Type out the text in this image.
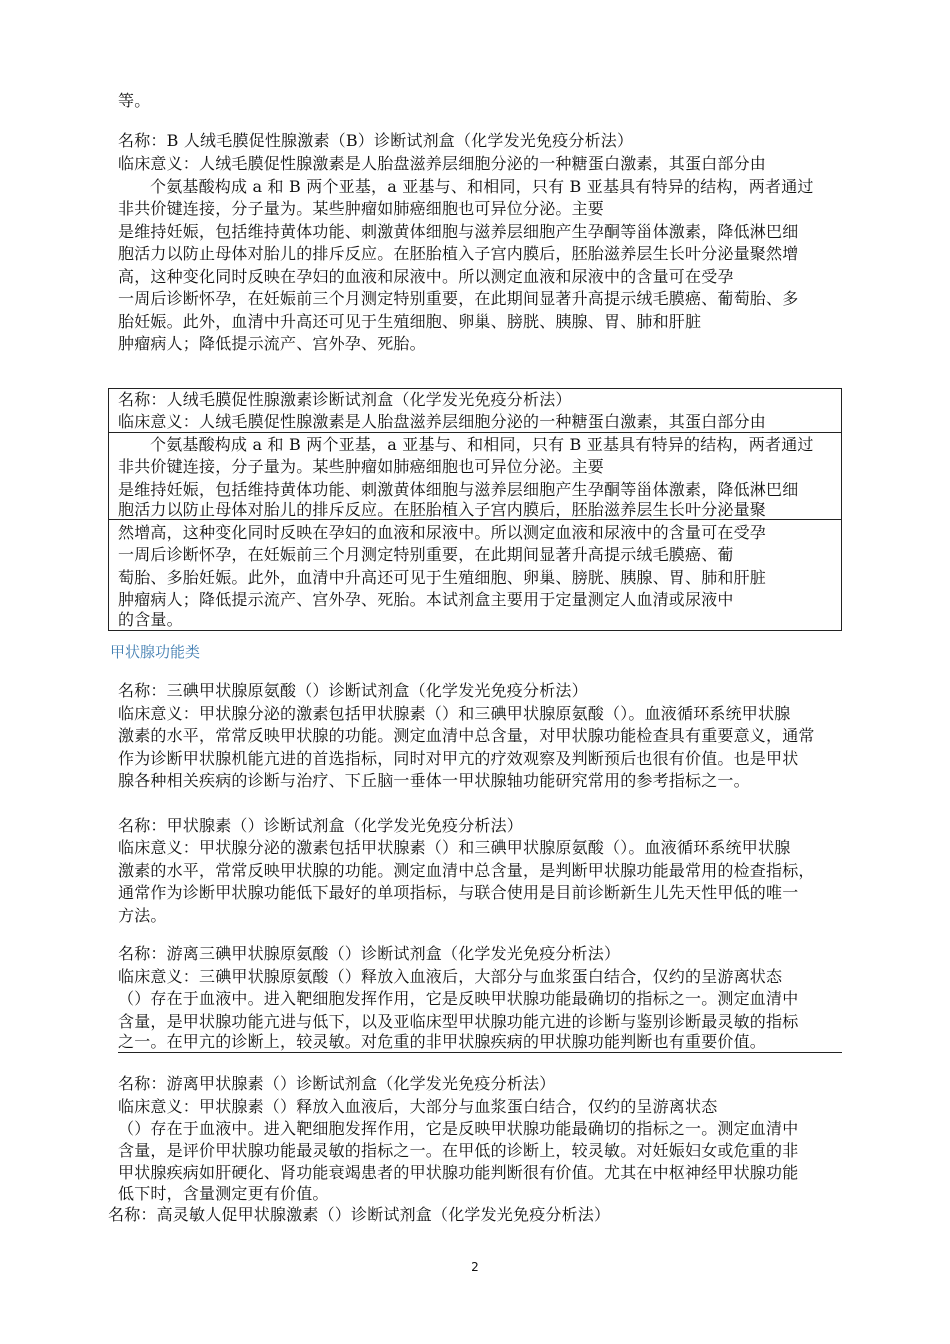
等。
名称：Β 人绒毛膜促性腺激素（Β）诊断试剂盒（化学发光免疫分析法）
临床意义：人绒毛膜促性腺激素是人胎盘滋养层细胞分泌的一种糖蛋白激素，其蛋白部分由
个氨基酸构成 a 和 Β 两个亚基，a 亚基与、和相同，只有 Β 亚基具有特异的结构，两者通过
非共价键连接，分子量为。某些肿瘤如肺癌细胞也可异位分泌。主要
是维持妊娠，包括维持黄体功能、刺激黄体细胞与滋养层细胞产生孕酮等甾体激素，降低淋巴细
胞活力以防止母体对胎儿的排斥反应。在胚胎植入子宫内膜后，胚胎滋养层生长叶分泌量聚然增
高，这种变化同时反映在孕妇的血液和尿液中。所以测定血液和尿液中的含量可在受孕
一周后诊断怀孕，在妊娠前三个月测定特别重要，在此期间显著升高提示绒毛膜癌、葡萄胎、多
胎妊娠。此外，血清中升高还可见于生殖细胞、卵巢、膀胱、胰腺、胃、肺和肝脏
肿瘤病人；降低提示流产、宫外孕、死胎。
名称：人绒毛膜促性腺激素诊断试剂盒（化学发光免疫分析法）
临床意义：人绒毛膜促性腺激素是人胎盘滋养层细胞分泌的一种糖蛋白激素，其蛋白部分由
个氨基酸构成 a 和 Β 两个亚基，a 亚基与、和相同，只有 Β 亚基具有特异的结构，两者通过
非共价键连接，分子量为。某些肿瘤如肺癌细胞也可异位分泌。主要
是维持妊娠，包括维持黄体功能、刺激黄体细胞与滋养层细胞产生孕酮等甾体激素，降低淋巴细
胞活力以防止母体对胎儿的排斥反应。在胚胎植入子宫内膜后，胚胎滋养层生长叶分泌量聚
然增高，这种变化同时反映在孕妇的血液和尿液中。所以测定血液和尿液中的含量可在受孕
一周后诊断怀孕，在妊娠前三个月测定特别重要，在此期间显著升高提示绒毛膜癌、葡
萄胎、多胎妊娠。此外，血清中升高还可见于生殖细胞、卵巢、膀胱、胰腺、胃、肺和肝脏
肿瘤病人；降低提示流产、宫外孕、死胎。本试剂盒主要用于定量测定人血清或尿液中
的含量。
甲状腺功能类
名称：三碘甲状腺原氨酸（）诊断试剂盒（化学发光免疫分析法）
临床意义：甲状腺分泌的激素包括甲状腺素（）和三碘甲状腺原氨酸（）。血液循环系统甲状腺
激素的水平，常常反映甲状腺的功能。测定血清中总含量，对甲状腺功能检查具有重要意义，通常
作为诊断甲状腺机能亢进的首选指标，同时对甲亢的疗效观察及判断预后也很有价值。也是甲状
腺各种相关疾病的诊断与治疗、下丘脑一垂体一甲状腺轴功能研究常用的参考指标之一。
名称：甲状腺素（）诊断试剂盒（化学发光免疫分析法）
临床意义：甲状腺分泌的激素包括甲状腺素（）和三碘甲状腺原氨酸（）。血液循环系统甲状腺
激素的水平，常常反映甲状腺的功能。测定血清中总含量，是判断甲状腺功能最常用的检查指标，
通常作为诊断甲状腺功能低下最好的单项指标，与联合使用是目前诊断新生儿先天性甲低的唯一
方法。
名称：游离三碘甲状腺原氨酸（）诊断试剂盒（化学发光免疫分析法）
临床意义：三碘甲状腺原氨酸（）释放入血液后，大部分与血浆蛋白结合，仅约的呈游离状态
（）存在于血液中。进入靶细胞发挥作用，它是反映甲状腺功能最确切的指标之一。测定血清中
含量，是甲状腺功能亢进与低下，以及亚临床型甲状腺功能亢进的诊断与鉴别诊断最灵敏的指标
之一。在甲亢的诊断上，较灵敏。对危重的非甲状腺疾病的甲状腺功能判断也有重要价值。
名称：游离甲状腺素（）诊断试剂盒（化学发光免疫分析法）
临床意义：甲状腺素（）释放入血液后，大部分与血浆蛋白结合，仅约的呈游离状态
（）存在于血液中。进入靶细胞发挥作用，它是反映甲状腺功能最确切的指标之一。测定血清中
含量，是评价甲状腺功能最灵敏的指标之一。在甲低的诊断上，较灵敏。对妊娠妇女或危重的非
甲状腺疾病如肝硬化、肾功能衰竭患者的甲状腺功能判断很有价值。尤其在中枢神经甲状腺功能
低下时，含量测定更有价值。
名称：高灵敏人促甲状腺激素（）诊断试剂盒（化学发光免疫分析法）
2
